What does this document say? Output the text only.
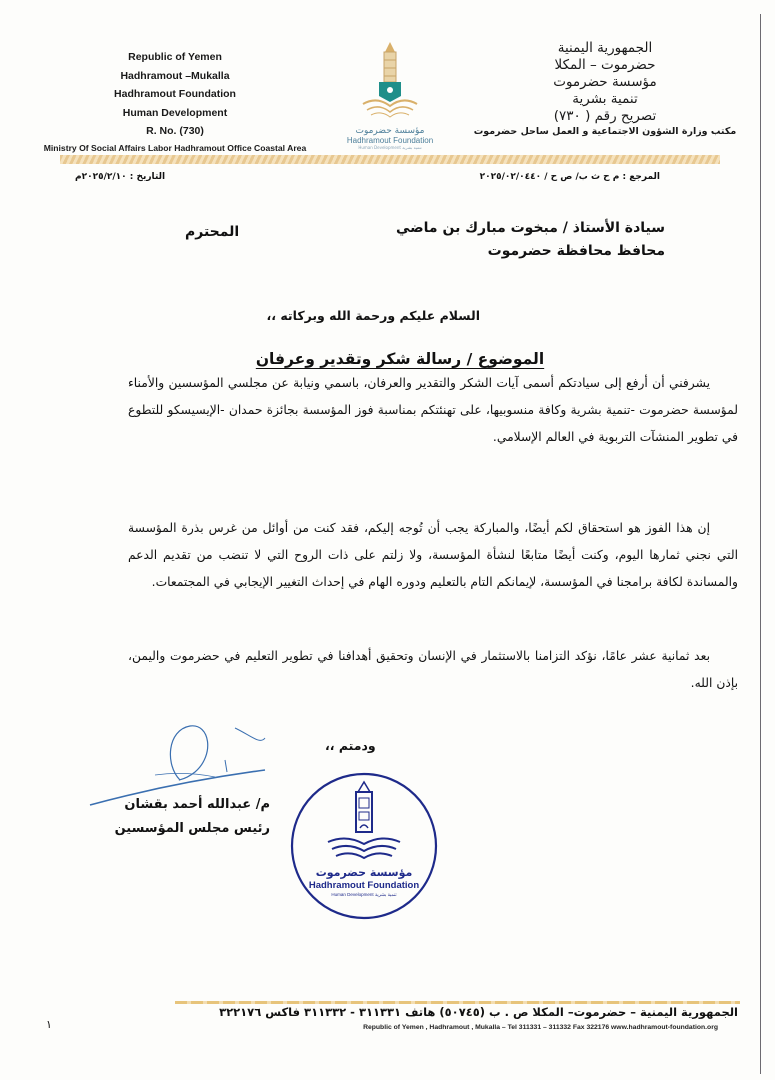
Republic of Yemen
Hadhramout –Mukalla
Hadhramout Foundation
Human Development
R. No. (730)
Ministry Of Social Affairs Labor Hadhramout Office Coastal Area
مؤسسة حضرموت
Hadhramout Foundation
Human Development تنمية بشرية
الجمهورية اليمنية
حضرموت – المكلا
مؤسسة حضرموت
تنمية بشرية
تصريح رقم ( ٧٣٠)
مكتب وزارة الشؤون الاجتماعية و العمل ساحل حضرموت
المرجع : م ح ث ب/ ص ح / ٢٠٢٥/٠٢/٠٤٤٠
التاريخ : ٢٠٢٥/٢/١٠م
سيادة الأستاذ / مبخوت مبارك بن ماضي
محافظ محافظة حضرموت
المحترم
السلام عليكم ورحمة الله وبركاته ،،
الموضوع / رسالة شكر وتقدير وعرفان

يشرفني أن أرفع إلى سيادتكم أسمى آيات الشكر والتقدير والعرفان، باسمي ونيابة عن مجلسي المؤسسين والأمناء لمؤسسة حضرموت -تنمية بشرية وكافة منسوبيها، على تهنئتكم بمناسبة فوز المؤسسة بجائزة حمدان -الإيسيسكو للتطوع في تطوير المنشآت التربوية في العالم الإسلامي.

إن هذا الفوز هو استحقاق لكم أيضًا، والمباركة يجب أن تُوجه إليكم، فقد كنت من أوائل من غرس بذرة المؤسسة التي نجني ثمارها اليوم، وكنت أيضًا متابعًا لنشأة المؤسسة، ولا زلتم على ذات الروح التي لا تنضب من تقديم الدعم والمساندة لكافة برامجنا في المؤسسة، لإيمانكم التام بالتعليم ودوره الهام في إحداث التغيير الإيجابي في المجتمعات.

بعد ثمانية عشر عامًا، نؤكد التزامنا بالاستثمار في الإنسان وتحقيق أهدافنا في تطوير التعليم في حضرموت واليمن، بإذن الله.

ودمتم ،،
م/ عبدالله أحمد بقشان
رئيس مجلس المؤسسين
مؤسسة حضرموت
Hadhramout Foundation
Human Development تنمية بشرية
الجمهورية اليمنية – حضرموت– المكلا ص . ب (٥٠٧٤٥) هاتف ٣١١٣٣١ - ٣١١٣٣٢ فاكس ٣٢٢١٧٦
Republic of Yemen , Hadhramout , Mukalla – Tel 311331 – 311332 Fax 322176 www.hadhramout-foundation.org
١
